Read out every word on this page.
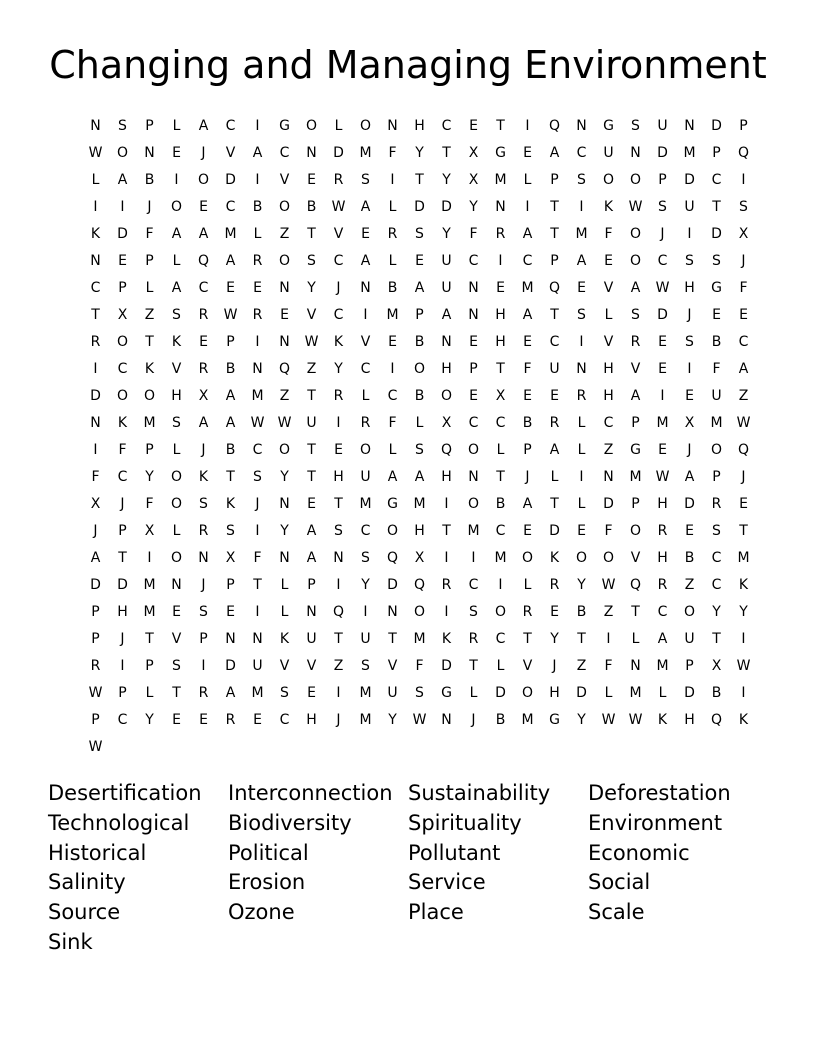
Changing and Managing Environment
N	S	P	L	A	C	I	G	O	L	O	N	H	C	E	T	I	Q	N	G	S	U	N	D	P
W	O	N	E	J	V	A	C	N	D	M	F	Y	T	X	G	E	A	C	U	N	D	M	P	Q
L	A	B	I	O	D	I	V	E	R	S	I	T	Y	X	M	L	P	S	O	O	P	D	C	I
I	I	J	O	E	C	B	O	B	W	A	L	D	D	Y	N	I	T	I	K	W	S	U	T	S
K	D	F	A	A	M	L	Z	T	V	E	R	S	Y	F	R	A	T	M	F	O	J	I	D	X
N	E	P	L	Q	A	R	O	S	C	A	L	E	U	C	I	C	P	A	E	O	C	S	S	J
C	P	L	A	C	E	E	N	Y	J	N	B	A	U	N	E	M	Q	E	V	A	W	H	G	F
T	X	Z	S	R	W	R	E	V	C	I	M	P	A	N	H	A	T	S	L	S	D	J	E	E
R	O	T	K	E	P	I	N	W	K	V	E	B	N	E	H	E	C	I	V	R	E	S	B	C
I	C	K	V	R	B	N	Q	Z	Y	C	I	O	H	P	T	F	U	N	H	V	E	I	F	A
D	O	O	H	X	A	M	Z	T	R	L	C	B	O	E	X	E	E	R	H	A	I	E	U	Z
N	K	M	S	A	A	W W	U	I	R	F	L	X	C	C	B	R	L	C	P	M	X	M	W
I	F	P	L	J	B	C	O	T	E	O	L	S	Q	O	L	P	A	L	Z	G	E	J	O	Q
F	C	Y	O	K	T	S	Y	T	H	U	A	A	H	N	T	J	L	I	N	M	W	A	P	J
X	J	F	O	S	K	J	N	E	T	M	G	M	I	O	B	A	T	L	D	P	H	D	R	E
J	P	X	L	R	S	I	Y	A	S	C	O	H	T	M	C	E	D	E	F	O	R	E	S	T
A	T	I	O	N	X	F	N	A	N	S	Q	X	I	I	M	O	K	O	O	V	H	B	C	M
D	D	M	N	J	P	T	L	P	I	Y	D	Q	R	C	I	L	R	Y	W	Q	R	Z	C	K
P	H	M	E	S	E	I	L	N	Q	I	N	O	I	S	O	R	E	B	Z	T	C	O	Y	Y
P	J	T	V	P	N	N	K	U	T	U	T	M	K	R	C	T	Y	T	I	L	A	U	T	I
R	I	P	S	I	D	U	V	V	Z	S	V	F	D	T	L	V	J	Z	F	N	M	P	X	W
W	P	L	T	R	A	M	S	E	I	M	U	S	G	L	D	O	H	D	L	M	L	D	B	I
P	C	Y	E	E	R	E	C	H	J	M	Y	W	N	J	B	M	G	Y	W W	K	H	Q	K
W
Desertification	Interconnection Sustainability	Deforestation
Technological	Biodiversity	Spirituality	Environment
Historical	Political	Pollutant	Economic
Salinity	Erosion	Service	Social
Source	Ozone	Place	Scale
Sink
